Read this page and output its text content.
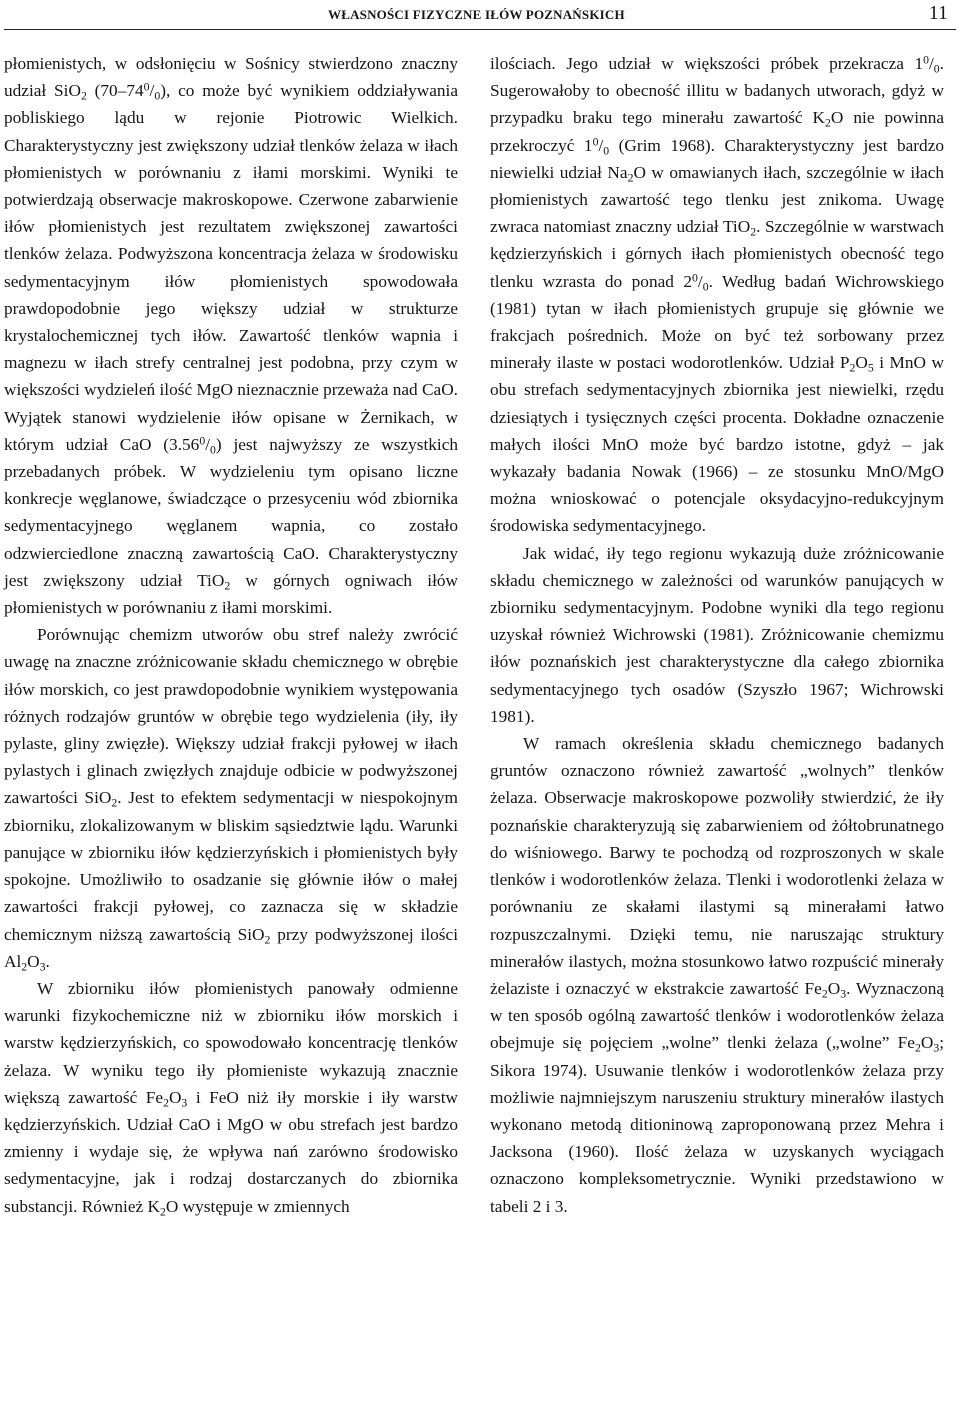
WŁASNOŚCI FIZYCZNE IŁÓW POZNAŃSKICH	11

płomienistych, w odsłonięciu w Sośnicy stwierdzono znaczny udział SiO$_2$ $(70-74^0/_0)$, co może być wynikiem oddziaływania pobliskiego lądu w rejonie Piotrowic Wielkich. Charakterystyczny jest zwiększony udział tlenków żelaza w iłach płomienistych w porównaniu z iłami morskimi. Wyniki te potwierdzają obserwacje makroskopowe. Czerwone zabarwienie iłów płomienistych jest rezultatem zwiększonej zawartości tlenków żelaza. Podwyższona koncentracja żelaza w środowisku sedymentacyjnym iłów płomienistych spowodowała prawdopodobnie jego większy udział w strukturze krystalochemicznej tych iłów. Zawartość tlenków wapnia i magnezu w iłach strefy centralnej jest podobna, przy czym w większości wydzieleń ilość MgO nieznacznie przeważa nad CaO. Wyjątek stanowi wydzielenie iłów opisane w Żernikach, w którym udział CaO $(3.56^0/_0)$ jest najwyższy ze wszystkich przebadanych próbek. W wydzieleniu tym opisano liczne konkrecje węglanowe, świadczące o przesyceniu wód zbiornika sedymentacyjnego węglanem wapnia, co zostało odzwierciedlone znaczną zawartością CaO. Charakterystyczny jest zwiększony udział TiO$_2$ w górnych ogniwach iłów płomienistych w porównaniu z iłami morskimi.

Porównując chemizm utworów obu stref należy zwrócić uwagę na znaczne zróżnicowanie składu chemicznego w obrębie iłów morskich, co jest prawdopodobnie wynikiem występowania różnych rodzajów gruntów w obrębie tego wydzielenia (iły, iły pylaste, gliny zwięzłe). Większy udział frakcji pyłowej w iłach pylastych i glinach zwięzłych znajduje odbicie w podwyższonej zawartości SiO$_2$. Jest to efektem sedymentacji w niespokojnym zbiorniku, zlokalizowanym w bliskim sąsiedztwie lądu. Warunki panujące w zbiorniku iłów kędzierzyńskich i płomienistych były spokojne. Umożliwiło to osadzanie się głównie iłów o małej zawartości frakcji pyłowej, co zaznacza się w składzie chemicznym niższą zawartością SiO$_2$ przy podwyższonej ilości $Al_2O_3$.

W zbiorniku iłów płomienistych panowały odmienne warunki fizykochemiczne niż w zbiorniku iłów morskich i warstw kędzierzyńskich, co spowodowało koncentrację tlenków żelaza. W wyniku tego iły płomieniste wykazują znacznie większą zawartość $Fe_2O_3$ i FeO niż iły morskie i iły warstw kędzierzyńskich. Udział CaO i MgO w obu strefach jest bardzo zmienny i wydaje się, że wpływa nań zarówno środowisko sedymentacyjne, jak i rodzaj dostarczanych do zbiornika substancji. Również $K_2O$ występuje w zmiennych

ilościach. Jego udział w większości próbek przekracza $1^0/_0$. Sugerowałoby to obecność illitu w badanych utworach, gdyż w przypadku braku tego minerału zawartość $K_2O$ nie powinna przekroczyć $1^0/_0$ (Grim 1968). Charakterystyczny jest bardzo niewielki udział $Na_2O$ w omawianych iłach, szczególnie w iłach płomienistych zawartość tego tlenku jest znikoma. Uwagę zwraca natomiast znaczny udział TiO$_2$. Szczególnie w warstwach kędzierzyńskich i górnych iłach płomienistych obecność tego tlenku wzrasta do ponad $2^0/_0$. Według badań Wichrowskiego (1981) tytan w iłach płomienistych grupuje się głównie we frakcjach pośrednich. Może on być też sorbowany przez minerały ilaste w postaci wodorotlenków. Udział $P_2O_5$ i MnO w obu strefach sedymentacyjnych zbiornika jest niewielki, rzędu dziesiątych i tysięcznych części procenta. Dokładne oznaczenie małych ilości MnO może być bardzo istotne, gdyż – jak wykazały badania Nowak (1966) – ze stosunku MnO/MgO można wnioskować o potencjale oksydacyjno-redukcyjnym środowiska sedymentacyjnego.

Jak widać, iły tego regionu wykazują duże zróżnicowanie składu chemicznego w zależności od warunków panujących w zbiorniku sedymentacyjnym. Podobne wyniki dla tego regionu uzyskał również Wichrowski (1981). Zróżnicowanie chemizmu iłów poznańskich jest charakterystyczne dla całego zbiornika sedymentacyjnego tych osadów (Szyszło 1967; Wichrowski 1981).

W ramach określenia składu chemicznego badanych gruntów oznaczono również zawartość „wolnych” tlenków żelaza. Obserwacje makroskopowe pozwoliły stwierdzić, że iły poznańskie charakteryzują się zabarwieniem od żółtobrunatnego do wiśniowego. Barwy te pochodzą od rozproszonych w skale tlenków i wodorotlenków żelaza. Tlenki i wodorotlenki żelaza w porównaniu ze skałami ilastymi są minerałami łatwo rozpuszczalnymi. Dzięki temu, nie naruszając struktury minerałów ilastych, można stosunkowo łatwo rozpuścić minerały żelaziste i oznaczyć w ekstrakcie zawartość $Fe_2O_3$. Wyznaczoną w ten sposób ogólną zawartość tlenków i wodorotlenków żelaza obejmuje się pojęciem „wolne” tlenki żelaza („wolne” $Fe_2O_3$; Sikora 1974). Usuwanie tlenków i wodorotlenków żelaza przy możliwie najmniejszym naruszeniu struktury minerałów ilastych wykonano metodą ditioninową zaproponowaną przez Mehra i Jacksona (1960). Ilość żelaza w uzyskanych wyciągach oznaczono kompleksometrycznie. Wyniki przedstawiono w tabeli 2 i 3.
